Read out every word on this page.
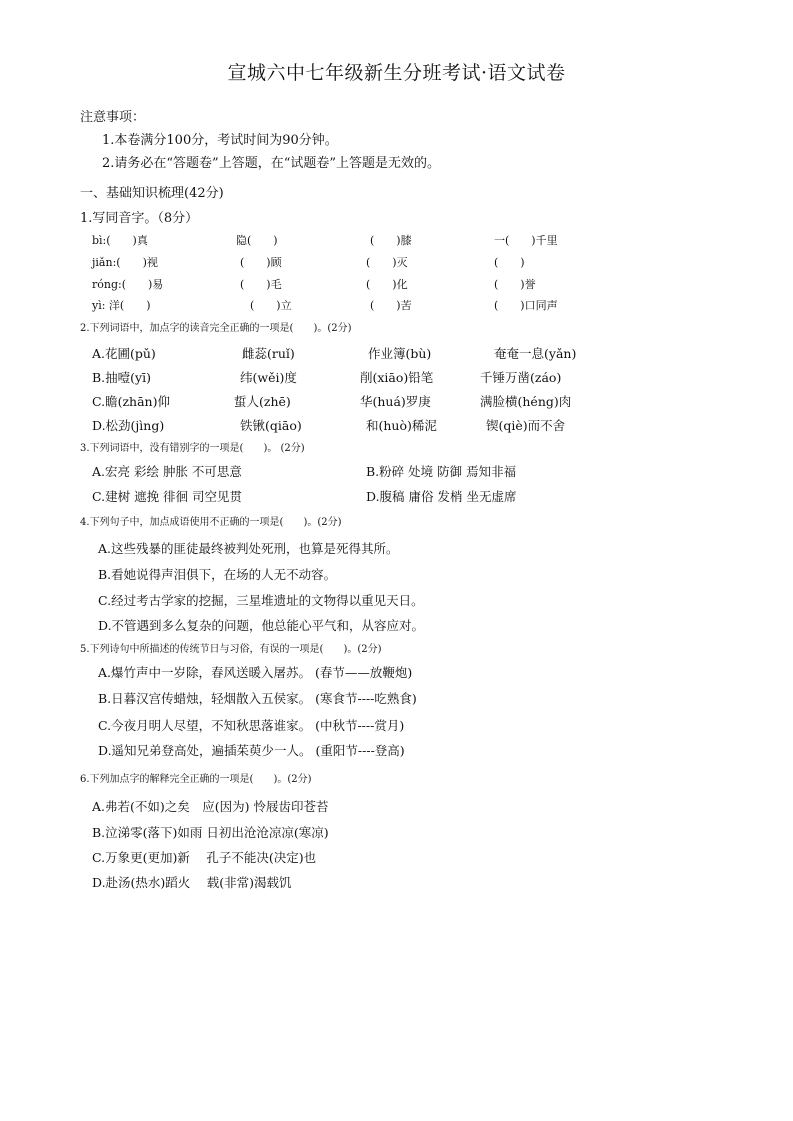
宣城六中七年级新生分班考试·语文试卷
注意事项：
1.本卷满分100分，考试时间为90分钟。
2.请务必在“答题卷”上答题，在“试题卷”上答题是无效的。
一、基础知识梳理(42分)
1.写同音字。（8分）
bì:(　　)真	隐(　　)	(　　)膝	一(　　)千里
jiǎn:(　　)视	(　　)顾	(　　)灭	(　　)
róng:(　　)易	(　　)毛	(　　)化	(　　)誉
yì: 洋(　　)	(　　)立	(　　)苦	(　　)口同声
2.下列词语中，加点字的读音完全正确的一项是(　　)。(2分)
A.花圃(pǔ)	雌蕊(ruǐ)	作业簿(bù)	奄奄一息(yǎn)
B.抽噎(yī)	纬(wěi)度	削(xiāo)铅笔	千锤万凿(záo)
C.瞻(zhān)仰	蜇人(zhē)	华(huá)罗庚	满脸横(héng)肉
D.松劲(jìng)	铁锹(qiāo)	和(huò)稀泥	锲(qiè)而不舍
3.下列词语中，没有错别字的一项是(　　)。 (2分)
A.宏亮 彩绘 肿胀 不可思意	B.粉碎 处境 防御 焉知非福
C.建树 遮挽 徘徊 司空见贯	D.腹稿 庸俗 发梢 坐无虚席
4.下列句子中，加点成语使用不正确的一项是(　　)。(2分)
A.这些残暴的匪徒最终被判处死刑，也算是死得其所。
B.看她说得声泪俱下，在场的人无不动容。
C.经过考古学家的挖掘，三星堆遗址的文物得以重见天日。
D.不管遇到多么复杂的问题，他总能心平气和，从容应对。
5.下列诗句中所描述的传统节日与习俗，有误的一项是(　　)。(2分)
A.爆竹声中一岁除，春风送暖入屠苏。 (春节——放鞭炮)
B.日暮汉宫传蜡烛，轻烟散入五侯家。 (寒食节----吃熟食)
C.今夜月明人尽望，不知秋思落谁家。 (中秋节----赏月)
D.遥知兄弟登高处，遍插茱萸少一人。 (重阳节----登高)
6.下列加点字的解释完全正确的一项是(　　)。(2分)
A.弗若(不如)之矣　应(因为) 怜屐齿印苍苔
B.泣涕零(落下)如雨 日初出沧沧凉凉(寒凉)
C.万象更(更加)新　 孔子不能决(决定)也
D.赴汤(热水)蹈火　 载(非常)渴载饥
